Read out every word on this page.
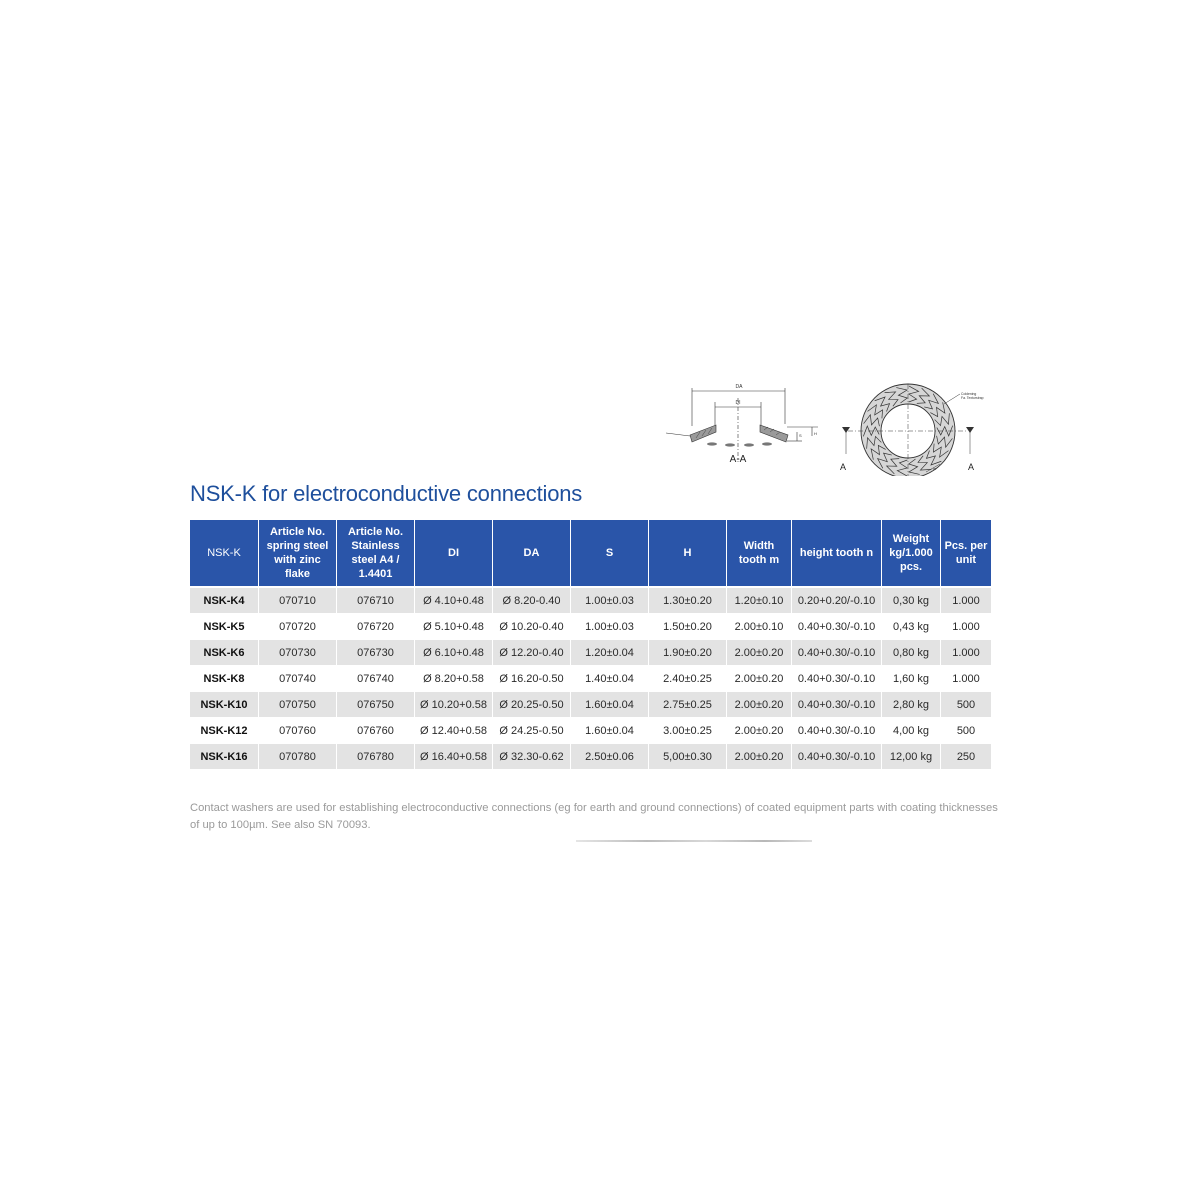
DA
DI
S	H
A-A
A	A
Coldening
Fa. Texturstrap
m
NSK-K for electroconductive connections
NSK-K	Article No. spring steel with zinc flake	Article No. Stainless steel A4 / 1.4401	DI	DA	S	H	Width tooth m	height tooth n	Weight kg/1.000 pcs.	Pcs. per unit
NSK-K4	070710	076710	Ø 4.10+0.48	Ø 8.20-0.40	1.00±0.03	1.30±0.20	1.20±0.10	0.20+0.20/-0.10	0,30 kg	1.000
NSK-K5	070720	076720	Ø 5.10+0.48	Ø 10.20-0.40	1.00±0.03	1.50±0.20	2.00±0.10	0.40+0.30/-0.10	0,43 kg	1.000
NSK-K6	070730	076730	Ø 6.10+0.48	Ø 12.20-0.40	1.20±0.04	1.90±0.20	2.00±0.20	0.40+0.30/-0.10	0,80 kg	1.000
NSK-K8	070740	076740	Ø 8.20+0.58	Ø 16.20-0.50	1.40±0.04	2.40±0.25	2.00±0.20	0.40+0.30/-0.10	1,60 kg	1.000
NSK-K10	070750	076750	Ø 10.20+0.58	Ø 20.25-0.50	1.60±0.04	2.75±0.25	2.00±0.20	0.40+0.30/-0.10	2,80 kg	500
NSK-K12	070760	076760	Ø 12.40+0.58	Ø 24.25-0.50	1.60±0.04	3.00±0.25	2.00±0.20	0.40+0.30/-0.10	4,00 kg	500
NSK-K16	070780	076780	Ø 16.40+0.58	Ø 32.30-0.62	2.50±0.06	5,00±0.30	2.00±0.20	0.40+0.30/-0.10	12,00 kg	250

Contact washers are used for establishing electroconductive connections (eg for earth and ground connections) of coated equipment parts with coating thicknesses of up to 100µm. See also SN 70093.
